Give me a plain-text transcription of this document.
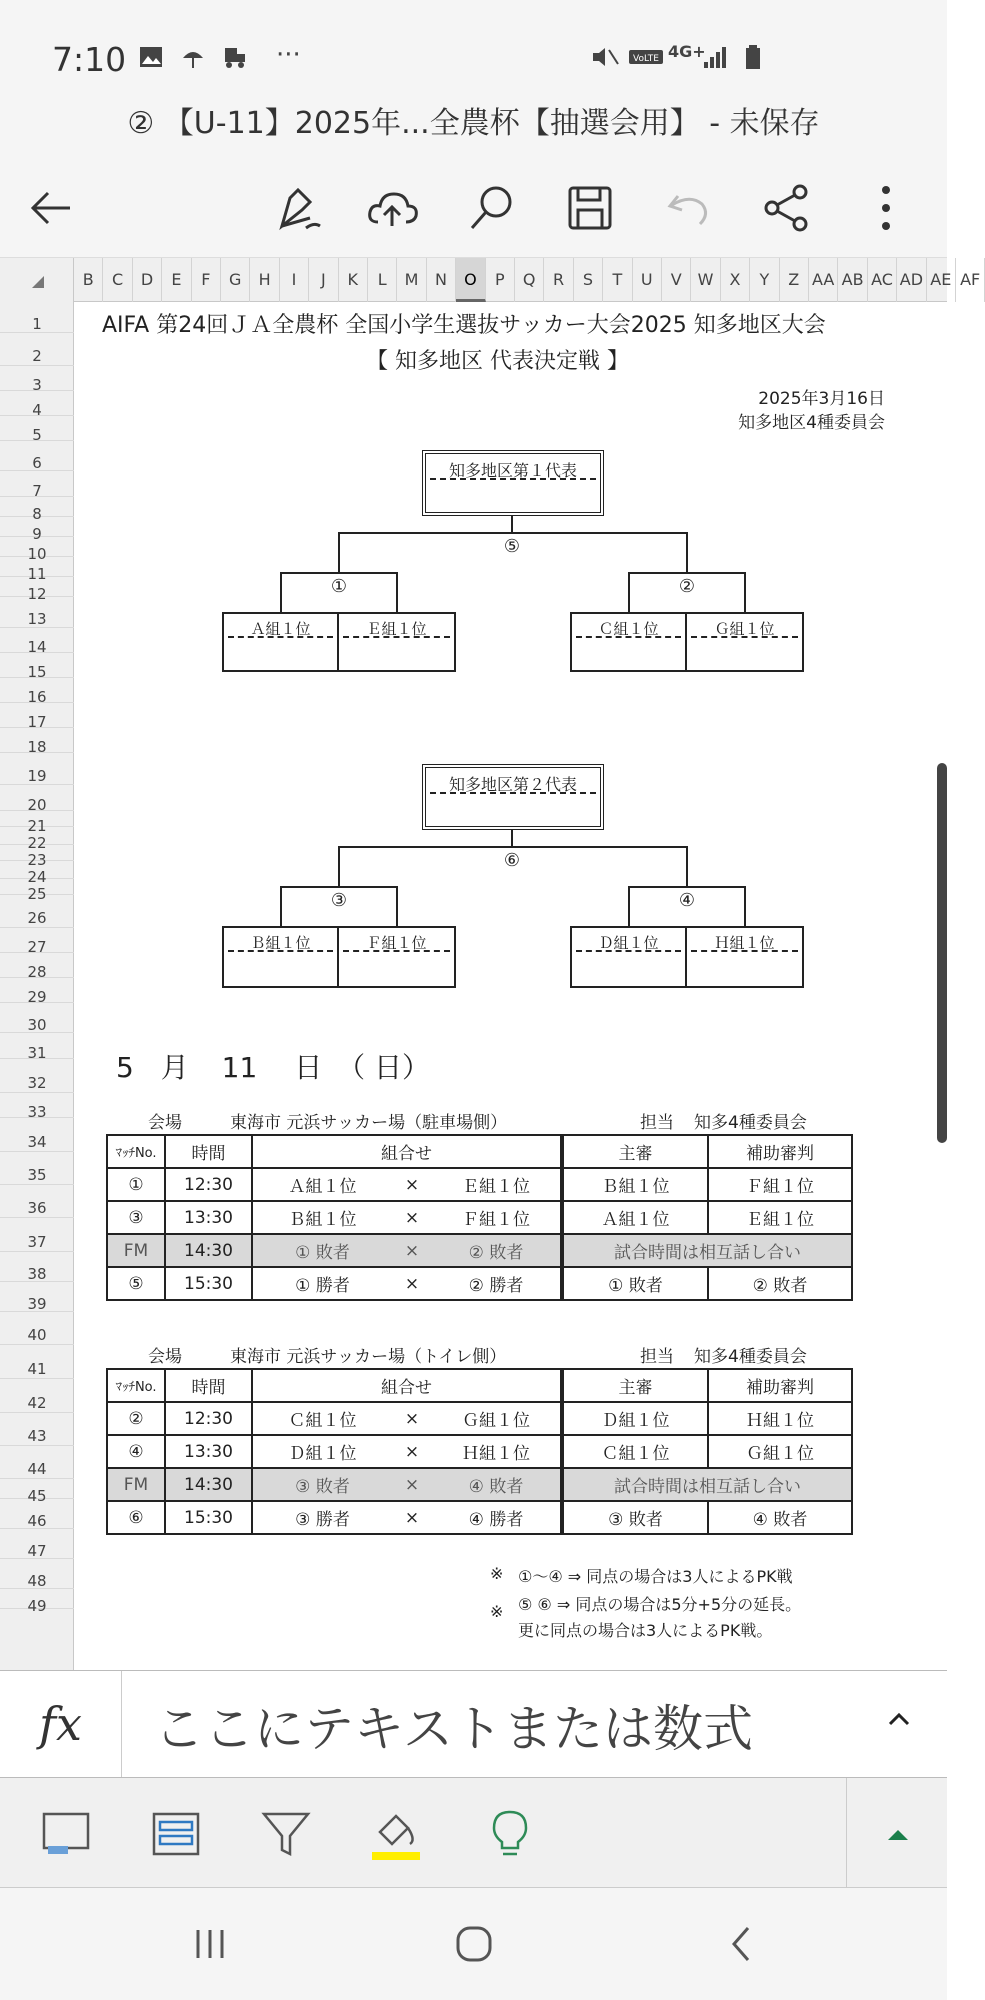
7:10	···	VoLTE 4G+
② 【U-11】2025年...全農杯【抽選会用】 - 未保存
B	C	D	E	F	G	H	I	J	K	L	M	N	O	P	Q	R	S	T	U	V	W	X	Y	Z AA AB AC AD AE AF
1
2
3
4
5
6
7
8
9
10
11
12
13
14
15
16
17
18
19
20
21
22
23
24
25
26
27
28
29
30
31
32
33
34
35
36
37
38
39
40
41
42
43
44
45
46
47
48
49
AIFA 第24回ＪＡ全農杯 全国小学生選抜サッカー大会2025 知多地区大会
【 知多地区 代表決定戦 】
2025年3月16日
知多地区4種委員会
知多地区第１代表
⑤
①	②
Ａ組１位	Ｅ組１位	Ｃ組１位	Ｇ組１位
知多地区第２代表
⑥
③	④
Ｂ組１位	Ｆ組１位	Ｄ組１位	Ｈ組１位
5 月 11 日 （ 日）
会場	東海市 元浜サッカー場（駐車場側）	担当 知多4種委員会
ﾏｯﾁNo.	時間	組合せ			主審	補助審判
①	12:30	Ａ組１位	×	Ｅ組１位	Ｂ組１位	Ｆ組１位
③	13:30	Ｂ組１位	×	Ｆ組１位	Ａ組１位	Ｅ組１位
FM	14:30	① 敗者	×	② 敗者	試合時間は相互話し合い	
⑤	15:30	① 勝者	×	② 勝者	① 敗者	② 敗者
会場	東海市 元浜サッカー場（トイレ側）	担当 知多4種委員会
ﾏｯﾁNo.	時間	組合せ			主審	補助審判
②	12:30	Ｃ組１位	×	Ｇ組１位	Ｄ組１位	Ｈ組１位
④	13:30	Ｄ組１位	×	Ｈ組１位	Ｃ組１位	Ｇ組１位
FM	14:30	③ 敗者	×	④ 敗者	試合時間は相互話し合い	
⑥	15:30	③ 勝者	×	④ 勝者	③ 敗者	④ 敗者
※ ①～④ ⇒ 同点の場合は3人によるPK戦
※ ⑤ ⑥ ⇒ 同点の場合は5分+5分の延長。
更に同点の場合は3人によるPK戦。
fx	ここにテキストまたは数式
